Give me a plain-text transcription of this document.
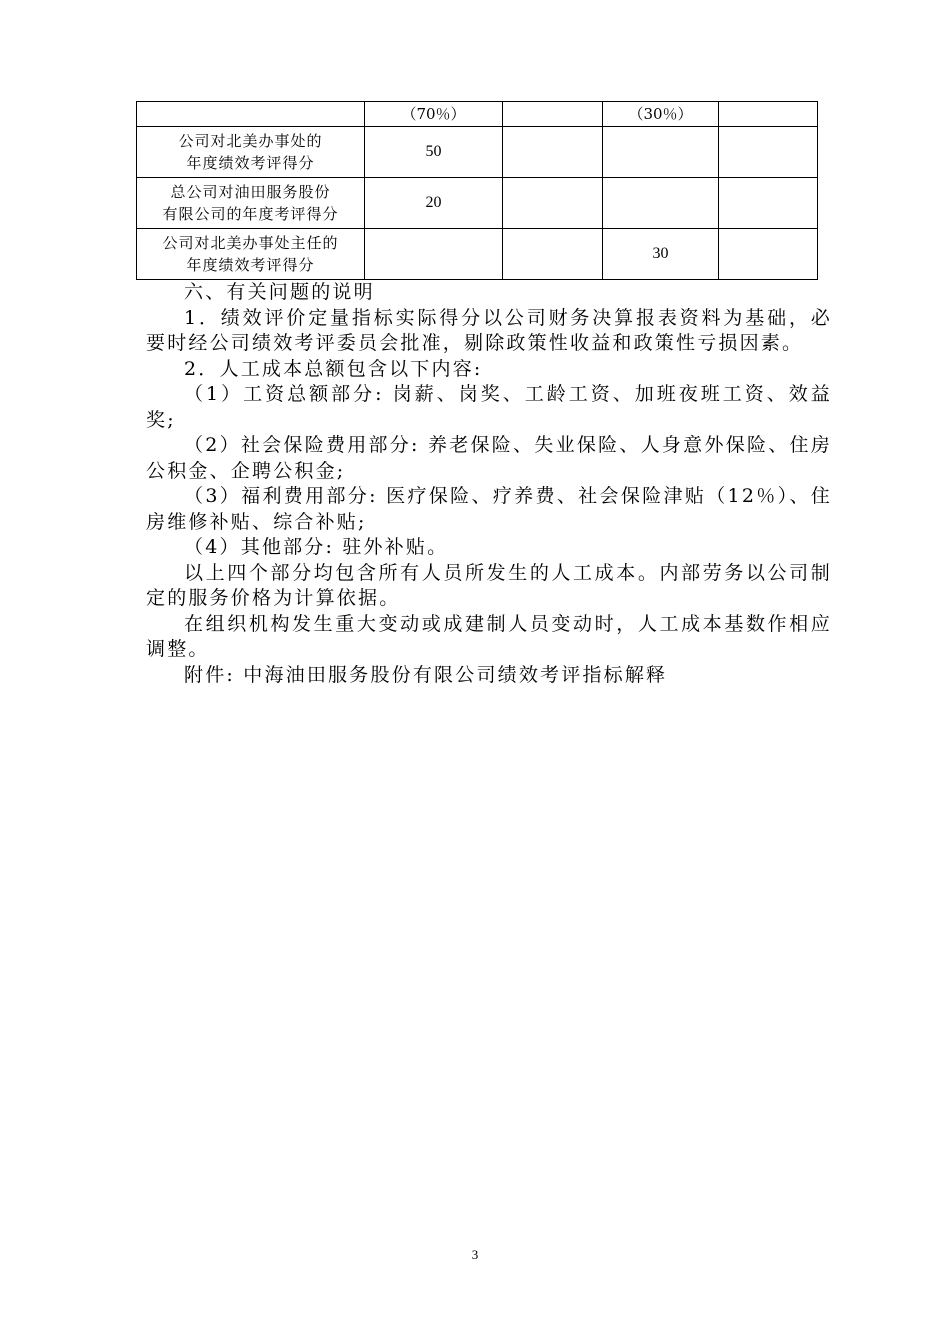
	（70％）		（30％）	

公司对北美办事处的
年度绩效考评得分	50			

总公司对油田服务股份
有限公司的年度考评得分	20			

公司对北美办事处主任的
年度绩效考评得分			30	

六、有关问题的说明

1．绩效评价定量指标实际得分以公司财务决算报表资料为基础，必要时经公司绩效考评委员会批准，剔除政策性收益和政策性亏损因素。

2．人工成本总额包含以下内容:

（1）工资总额部分: 岗薪、岗奖、工龄工资、加班夜班工资、效益奖;

（2）社会保险费用部分: 养老保险、失业保险、人身意外保险、住房公积金、企聘公积金;

（3）福利费用部分: 医疗保险、疗养费、社会保险津贴（12％）、住房维修补贴、综合补贴;

（4）其他部分: 驻外补贴。

以上四个部分均包含所有人员所发生的人工成本。内部劳务以公司制定的服务价格为计算依据。

在组织机构发生重大变动或成建制人员变动时，人工成本基数作相应调整。

附件: 中海油田服务股份有限公司绩效考评指标解释

3
